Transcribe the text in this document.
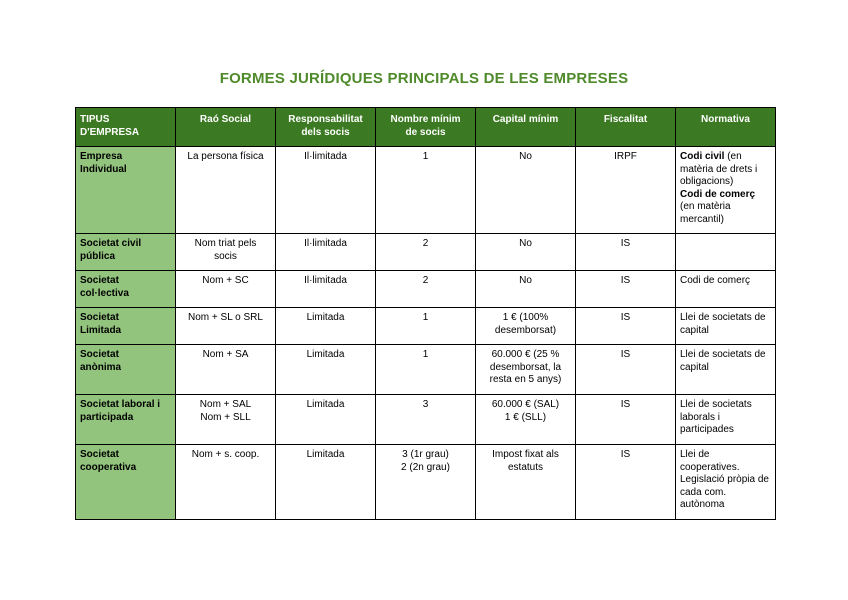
FORMES JURÍDIQUES PRINCIPALS DE LES EMPRESES
TIPUS
D'EMPRESA	Raó Social	Responsabilitat
dels socis	Nombre mínim
de socis	Capital mínim	Fiscalitat	Normativa

Empresa
Individual	La persona física	Il·limitada	1	No	IRPF	Codi civil (en matèria de drets i obligacions)
Codi de comerç
(en matèria mercantil)

Societat civil
pública	Nom triat pels
socis	Il·limitada	2	No	IS	

Societat
col·lectiva	Nom + SC	Il·limitada	2	No	IS	Codi de comerç

Societat
Limitada	Nom + SL o SRL	Limitada	1	1 € (100%
desemborsat)	IS	Llei de societats de capital

Societat
anònima	Nom + SA	Limitada	1	60.000 € (25 %
desemborsat, la
resta en 5 anys)	IS	Llei de societats de capital

Societat laboral i
participada	Nom + SAL
Nom + SLL	Limitada	3	60.000 € (SAL)
1 € (SLL)	IS	Llei de societats laborals i participades

Societat
cooperativa	Nom + s. coop.	Limitada	3 (1r grau)
2 (2n grau)	Impost fixat als
estatuts	IS	Llei de cooperatives. Legislació pròpia de cada com. autònoma
